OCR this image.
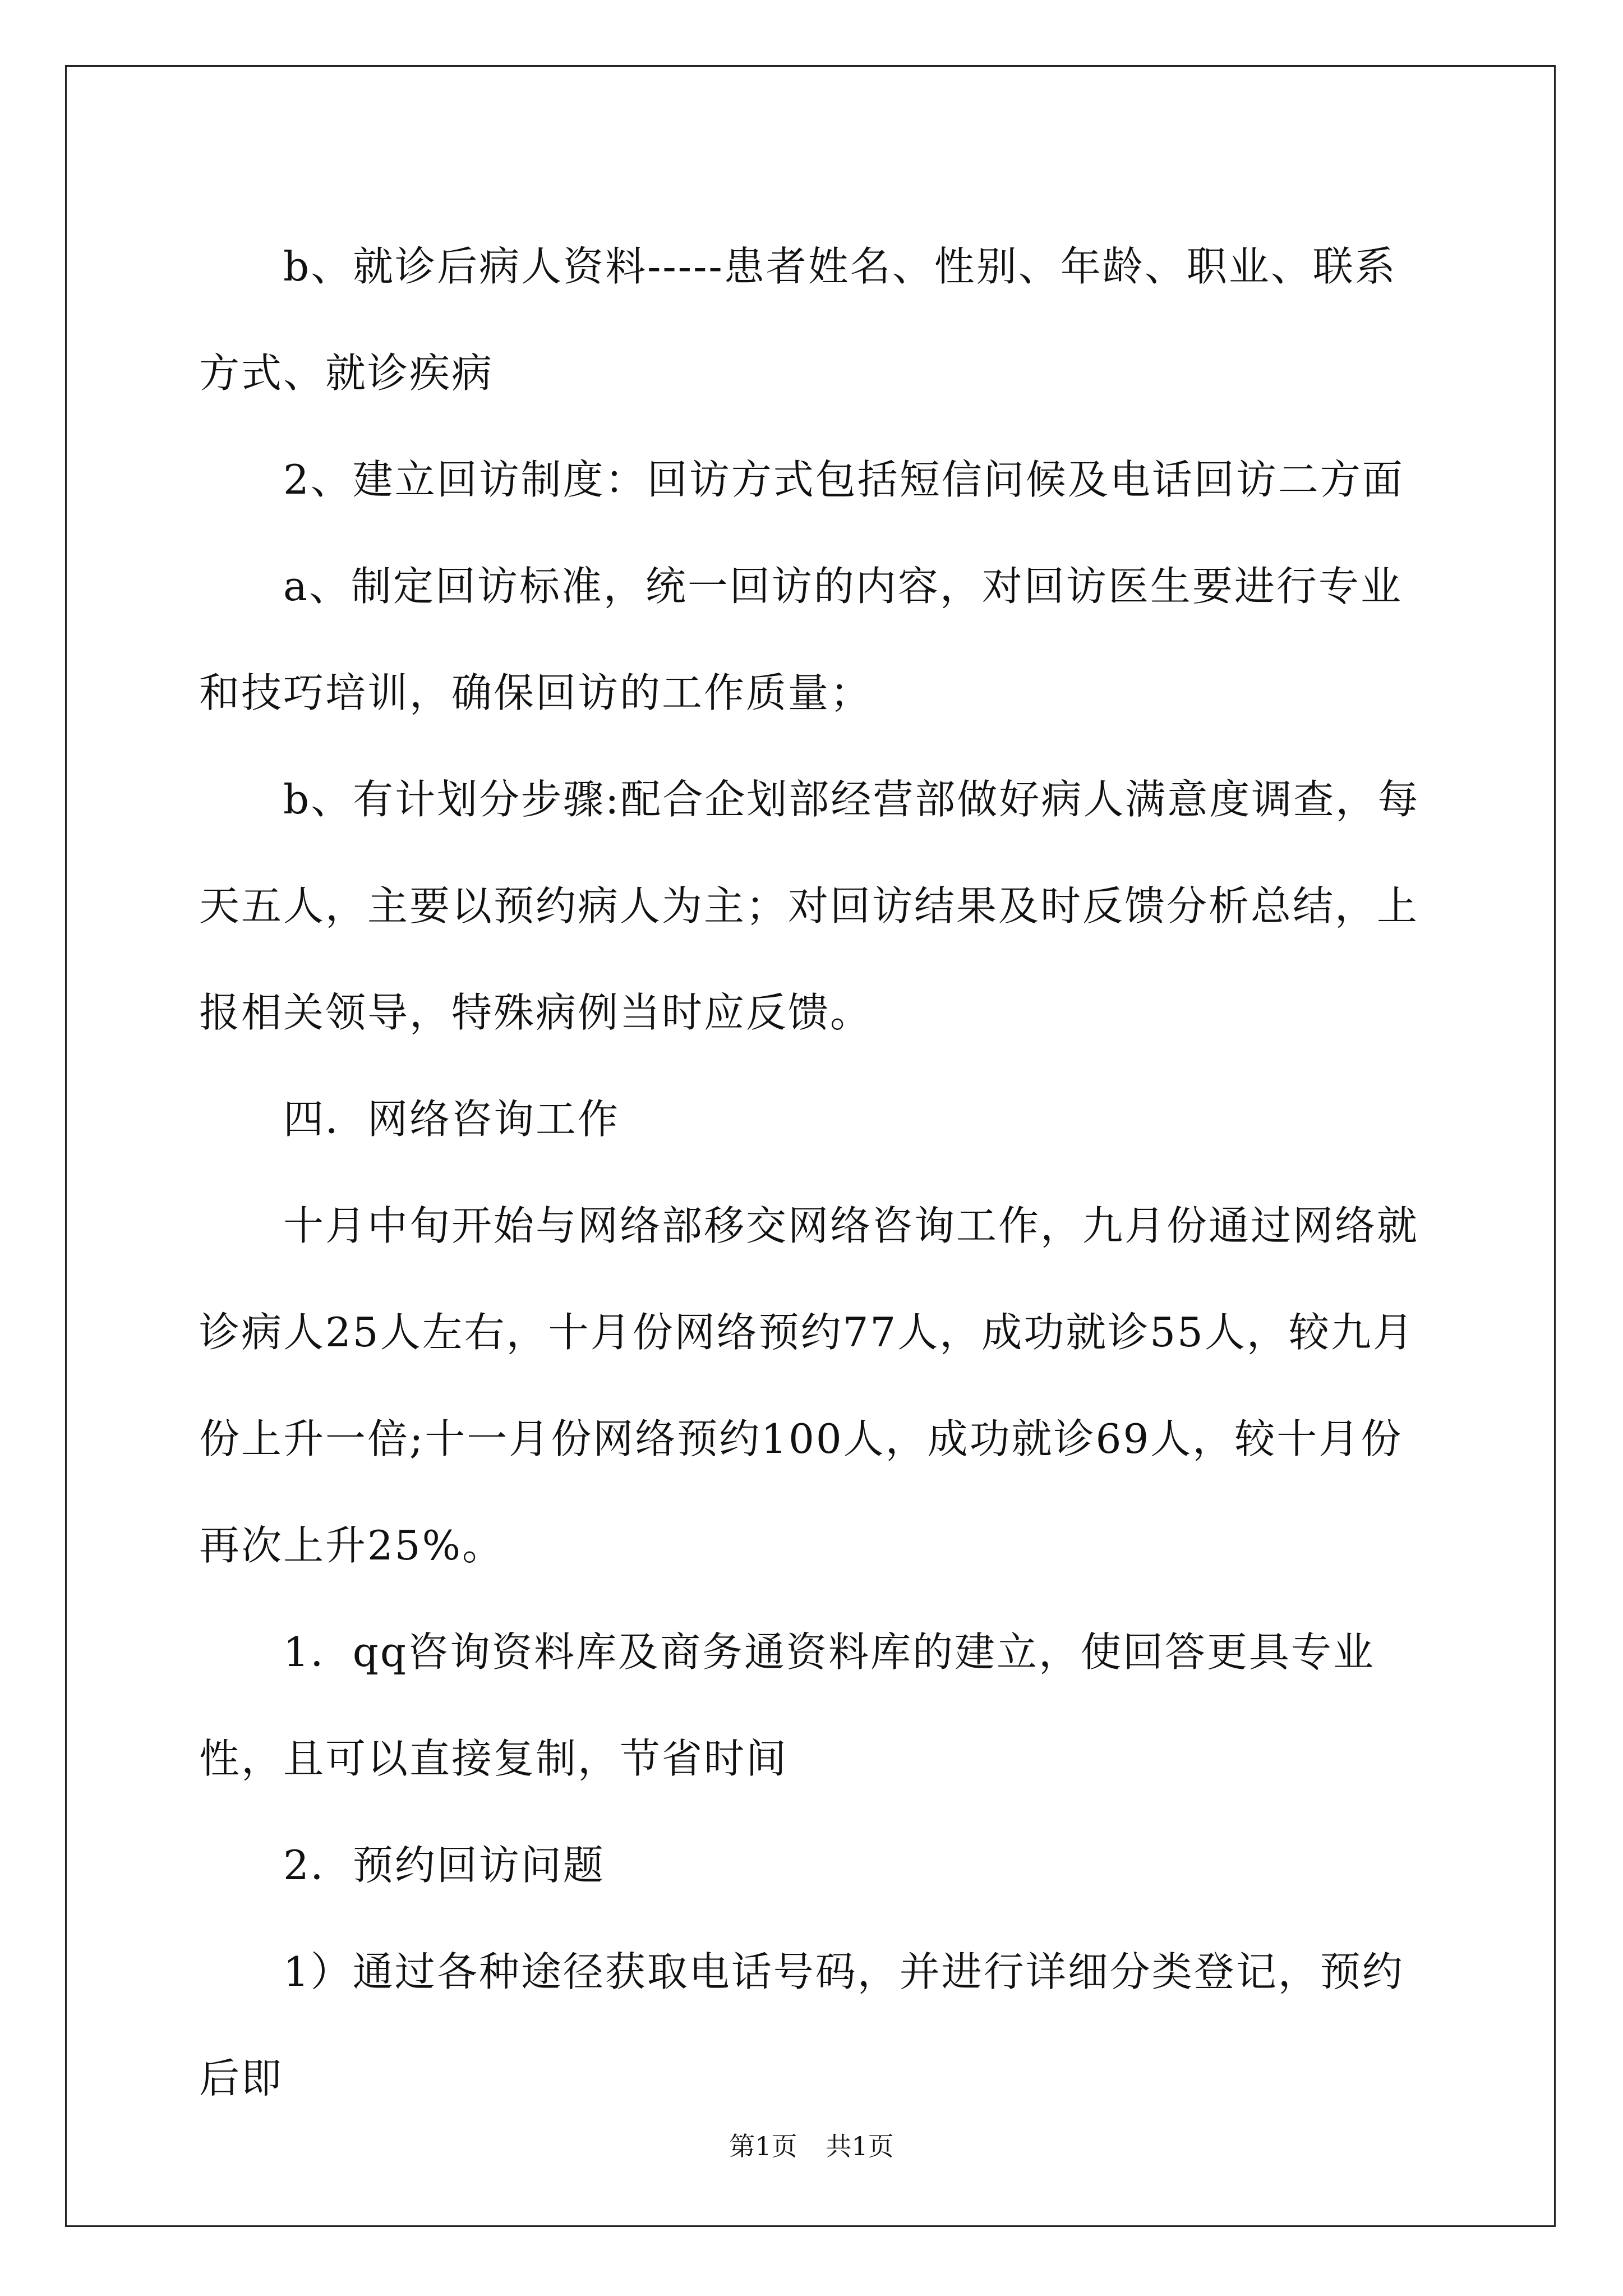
b、就诊后病人资料-----患者姓名、性别、年龄、职业、联系方式、就诊疾病

2、建立回访制度：回访方式包括短信问候及电话回访二方面

a、制定回访标准，统一回访的内容，对回访医生要进行专业和技巧培训，确保回访的工作质量；

b、有计划分步骤:配合企划部经营部做好病人满意度调查，每天五人，主要以预约病人为主；对回访结果及时反馈分析总结，上报相关领导，特殊病例当时应反馈。

四．网络咨询工作

十月中旬开始与网络部移交网络咨询工作，九月份通过网络就诊病人25人左右，十月份网络预约77人，成功就诊55人，较九月份上升一倍;十一月份网络预约100人，成功就诊69人，较十月份再次上升25%。

1．qq咨询资料库及商务通资料库的建立，使回答更具专业性，且可以直接复制，节省时间

2．预约回访问题

1）通过各种途径获取电话号码，并进行详细分类登记，预约后即

第1页 共1页
